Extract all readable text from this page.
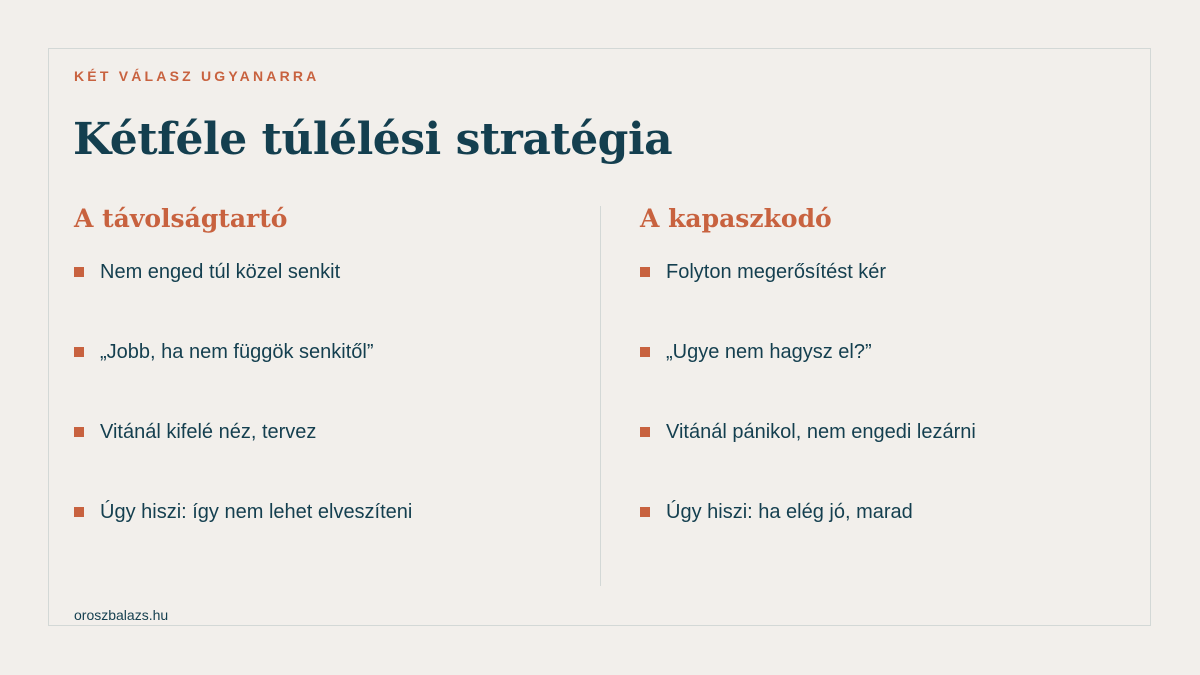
KÉT VÁLASZ UGYANARRA
Kétféle túlélési stratégia
A távolságtartó
Nem enged túl közel senkit
„Jobb, ha nem függök senkitől”
Vitánál kifelé néz, tervez
Úgy hiszi: így nem lehet elveszíteni
A kapaszkodó
Folyton megerősítést kér
„Ugye nem hagysz el?”
Vitánál pánikol, nem engedi lezárni
Úgy hiszi: ha elég jó, marad
oroszbalazs.hu
